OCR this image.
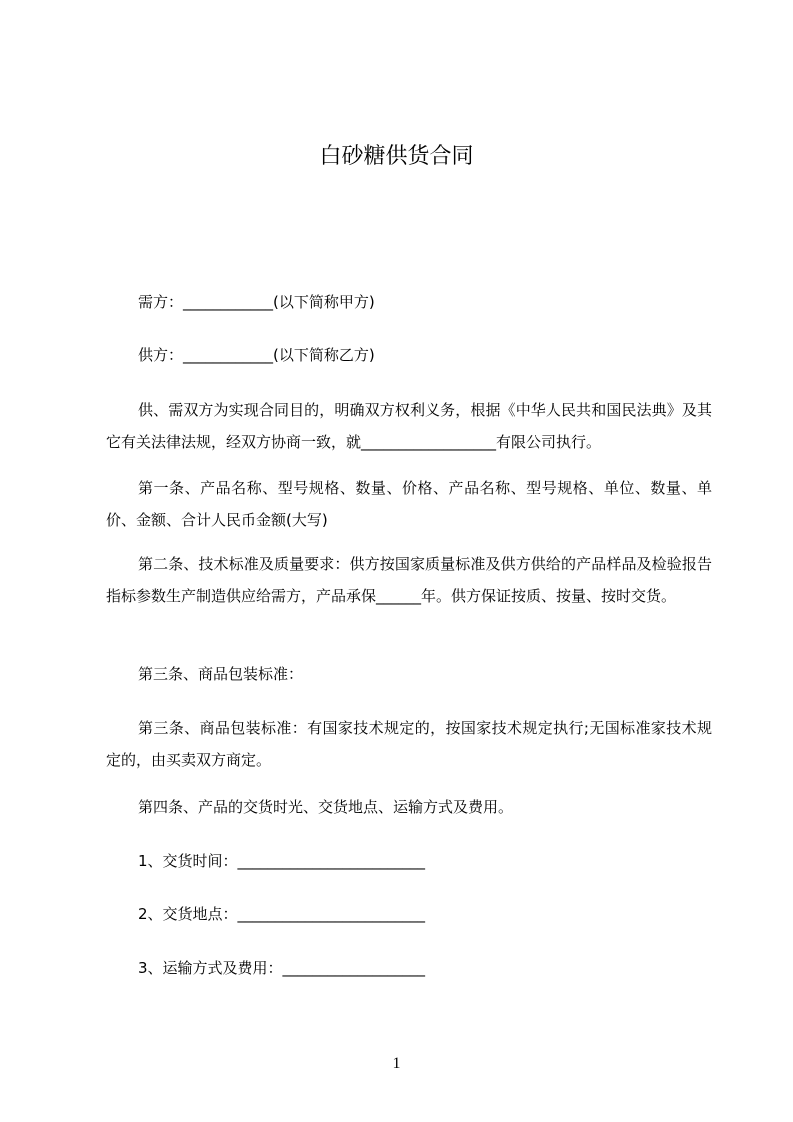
白砂糖供货合同
需方：____________(以下简称甲方)
供方：____________(以下简称乙方)
供、需双方为实现合同目的，明确双方权利义务，根据《中华人民共和国民法典》及其它有关法律法规，经双方协商一致，就__________________有限公司执行。
第一条、产品名称、型号规格、数量、价格、产品名称、型号规格、单位、数量、单价、金额、合计人民币金额(大写)
第二条、技术标准及质量要求：供方按国家质量标准及供方供给的产品样品及检验报告指标参数生产制造供应给需方，产品承保______年。供方保证按质、按量、按时交货。
第三条、商品包装标准：
第三条、商品包装标准：有国家技术规定的，按国家技术规定执行;无国标准家技术规定的，由买卖双方商定。
第四条、产品的交货时光、交货地点、运输方式及费用。
1、交货时间：_________________________
2、交货地点：_________________________
3、运输方式及费用：___________________
1
